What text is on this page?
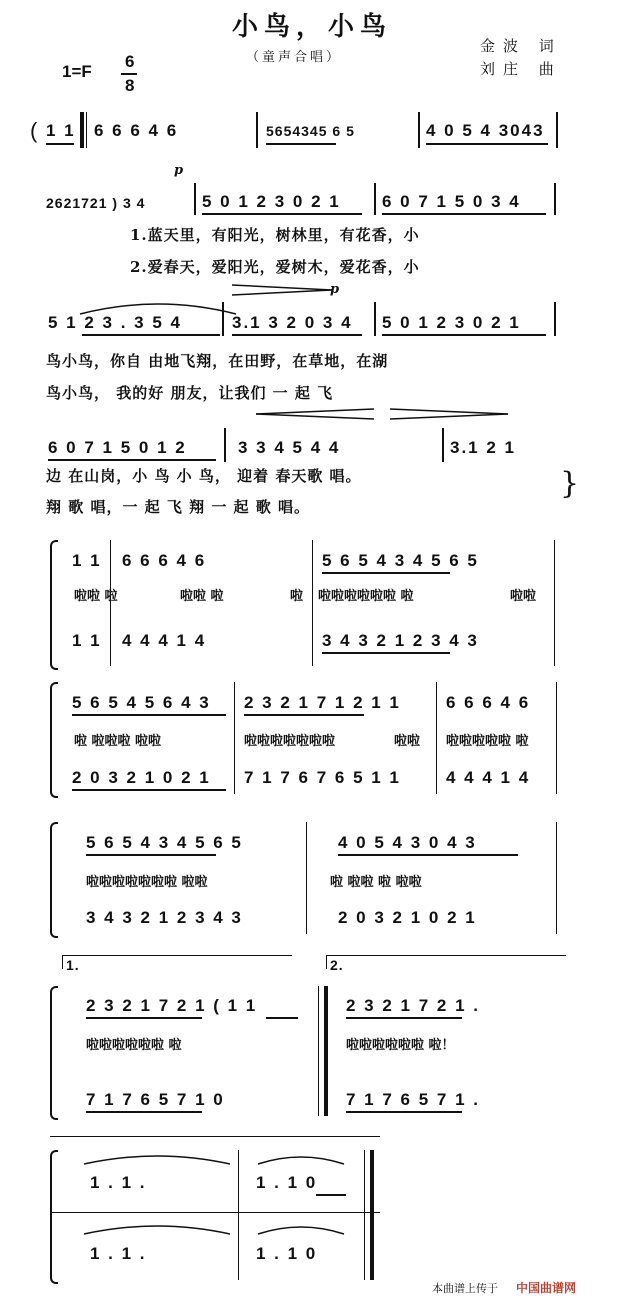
小鸟，小鸟
（童声合唱）
金波 词
刘庄 曲
1=F
6
8
( 1 1 6 6 6 4 6	5654345 6 5	4 0 5 4 3043
p
2621721 ) 3 4	5 0 1 2 3 0 2 1 6 0 7 1 5 0 3 4
1.蓝天里，有阳光，树林里，有花香，小
2.爱春天，爱阳光，爱树木，爱花香，小
p
5 1 2 3 . 3 5 4	3.1 3 2 0 3 4 5 0 1 2 3 0 2 1
鸟小鸟，你自 由地飞翔，在田野，在草地，在湖
鸟小鸟， 我的好 朋友，让我们 一 起 飞
6 0 7 1 5 0 1 2	3 3 4 5 4 4	3.1 2 1
边 在山岗，小 鸟 小 鸟， 迎着 春天歌 唱。
翔 歌 唱，一 起 飞 翔 一 起 歌 唱。
}
1 1 6 6 6 4 6	5 6 5 4 3 4 5 6 5
啦啦 啦	啦啦 啦	啦 啦啦啦啦啦啦 啦	啦啦
1 1 4 4 4 1 4	3 4 3 2 1 2 3 4 3
5 6 5 4 5 6 4 3 2 3 2 1 7 1 2 1 1	6 6 6 4 6
啦 啦啦啦 啦啦	啦啦啦啦啦啦啦	啦啦 啦啦啦啦啦 啦
2 0 3 2 1 0 2 1 7 1 7 6 7 6 5 1 1	4 4 4 1 4
5 6 5 4 3 4 5 6 5	4 0 5 4 3 0 4 3
啦啦啦啦啦啦啦 啦啦	啦 啦啦 啦 啦啦
3 4 3 2 1 2 3 4 3	2 0 3 2 1 0 2 1
1.	2.
2 3 2 1 7 2 1 ( 1 1	2 3 2 1 7 2 1 .
啦啦啦啦啦啦 啦	啦啦啦啦啦啦 啦！
7 1 7 6 5 7 1 0	7 1 7 6 5 7 1 .
1 . 1 .	1 . 1 0
1 . 1 .	1 . 1 0
本曲谱上传于 中国曲谱网
